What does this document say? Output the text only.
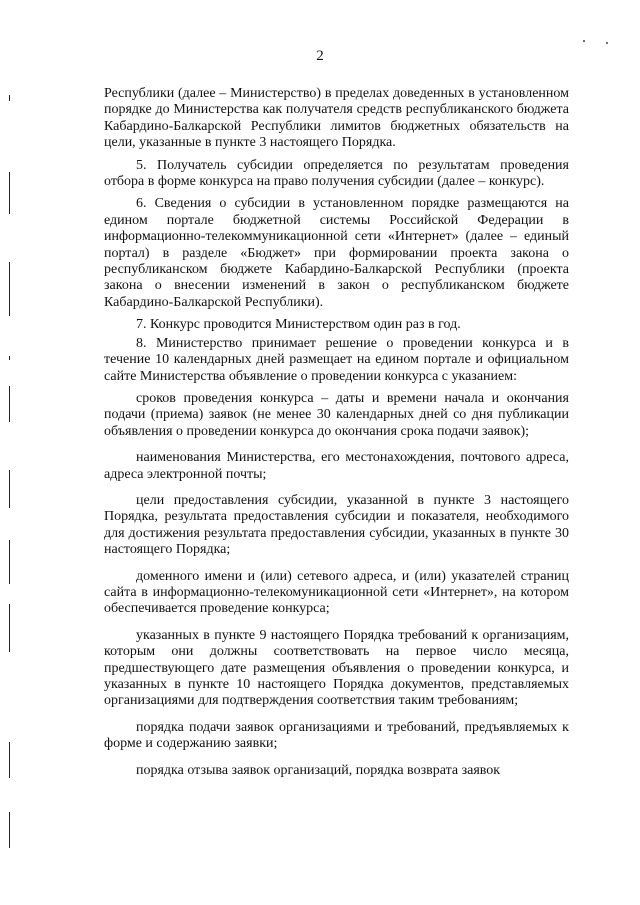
2

Республики (далее – Министерство) в пределах доведенных в установленном порядке до Министерства как получателя средств республиканского бюджета Кабардино-Балкарской Республики лимитов бюджетных обязательств на цели, указанные в пункте 3 настоящего Порядка.

5. Получатель субсидии определяется по результатам проведения отбора в форме конкурса на право получения субсидии (далее – конкурс).

6. Сведения о субсидии в установленном порядке размещаются на едином портале бюджетной системы Российской Федерации в информационно-телекоммуникационной сети «Интернет» (далее – единый портал) в разделе «Бюджет» при формировании проекта закона о республиканском бюджете Кабардино-Балкарской Республики (проекта закона о внесении изменений в закон о республиканском бюджете Кабардино-Балкарской Республики).

7. Конкурс проводится Министерством один раз в год.

8. Министерство принимает решение о проведении конкурса и в течение 10 календарных дней размещает на едином портале и официальном сайте Министерства объявление о проведении конкурса с указанием:

сроков проведения конкурса – даты и времени начала и окончания подачи (приема) заявок (не менее 30 календарных дней со дня публикации объявления о проведении конкурса до окончания срока подачи заявок);

наименования Министерства, его местонахождения, почтового адреса, адреса электронной почты;

цели предоставления субсидии, указанной в пункте 3 настоящего Порядка, результата предоставления субсидии и показателя, необходимого для достижения результата предоставления субсидии, указанных в пункте 30 настоящего Порядка;

доменного имени и (или) сетевого адреса, и (или) указателей страниц сайта в информационно-телекомуникационной сети «Интернет», на котором обеспечивается проведение конкурса;

указанных в пункте 9 настоящего Порядка требований к организациям, которым они должны соответствовать на первое число месяца, предшествующего дате размещения объявления о проведении конкурса, и указанных в пункте 10 настоящего Порядка документов, представляемых организациями для подтверждения соответствия таким требованиям;

порядка подачи заявок организациями и требований, предъявляемых к форме и содержанию заявки;

порядка отзыва заявок организаций, порядка возврата заявок
